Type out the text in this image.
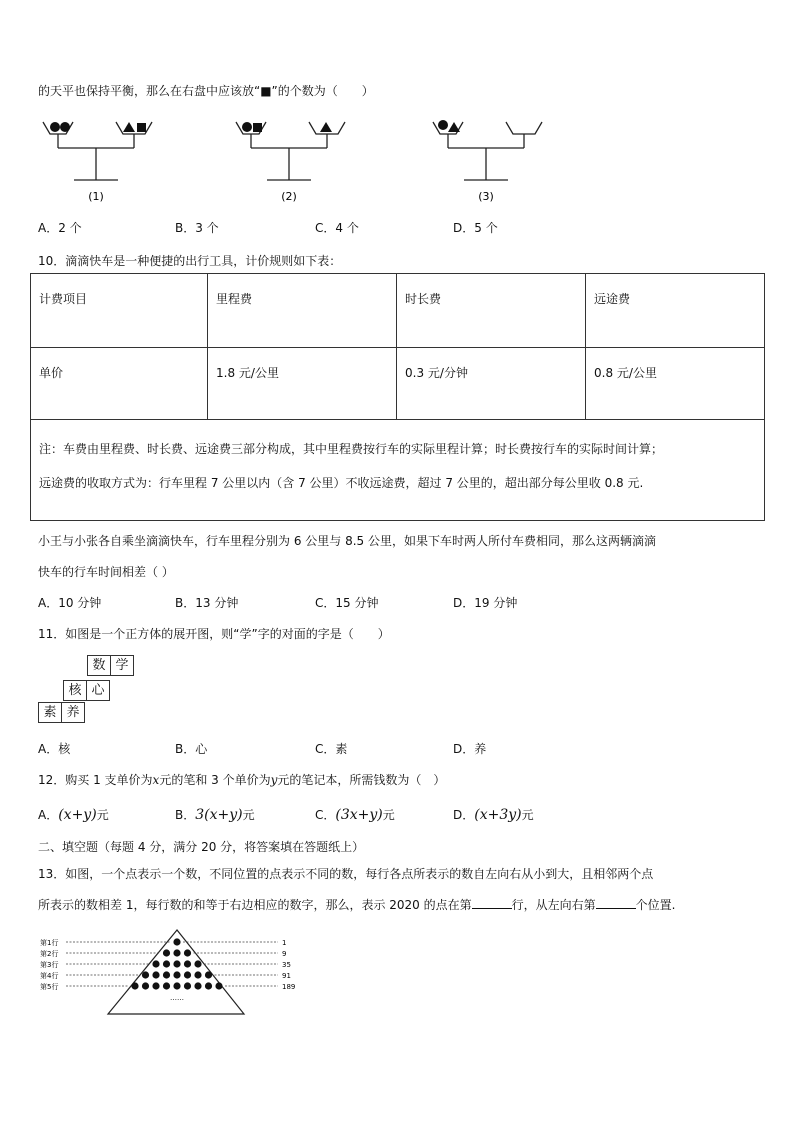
的天平也保持平衡，那么在右盘中应该放“■”的个数为（　　）
(1)	(2)	(3)
A．2 个	B．3 个	C．4 个	D．5 个
10．滴滴快车是一种便捷的出行工具，计价规则如下表：
计费项目	里程费	时长费	远途费
单价	1.8 元/公里	0.3 元/分钟	0.8 元/公里

注：车费由里程费、时长费、远途费三部分构成，其中里程费按行车的实际里程计算；时长费按行车的实际时间计算；
远途费的收取方式为：行车里程 7 公里以内（含 7 公里）不收远途费，超过 7 公里的，超出部分每公里收 0.8 元.			
小王与小张各自乘坐滴滴快车，行车里程分别为 6 公里与 8.5 公里，如果下车时两人所付车费相同，那么这两辆滴滴
快车的行车时间相差（ ）
A．10 分钟	B．13 分钟	C．15 分钟	D．19 分钟
11．如图是一个正方体的展开图，则“学”字的对面的字是（　　）
数 学
核 心
素 养
A．核	B．心	C．素	D．养
12．购买 1 支单价为x元的笔和 3 个单价为y元的笔记本，所需钱数为（　）
A．(x+y)元	B．3(x+y)元	C．(3x+y)元	D．(x+3y)元
二、填空题（每题 4 分，满分 20 分，将答案填在答题纸上）
13．如图，一个点表示一个数，不同位置的点表示不同的数，每行各点所表示的数自左向右从小到大，且相邻两个点
所表示的数相差 1，每行数的和等于右边相应的数字，那么，表示 2020 的点在第	行，从左向右第	个位置.
第1行	1
第2行	9
第3行	35
第4行	91
第5行	189
……
